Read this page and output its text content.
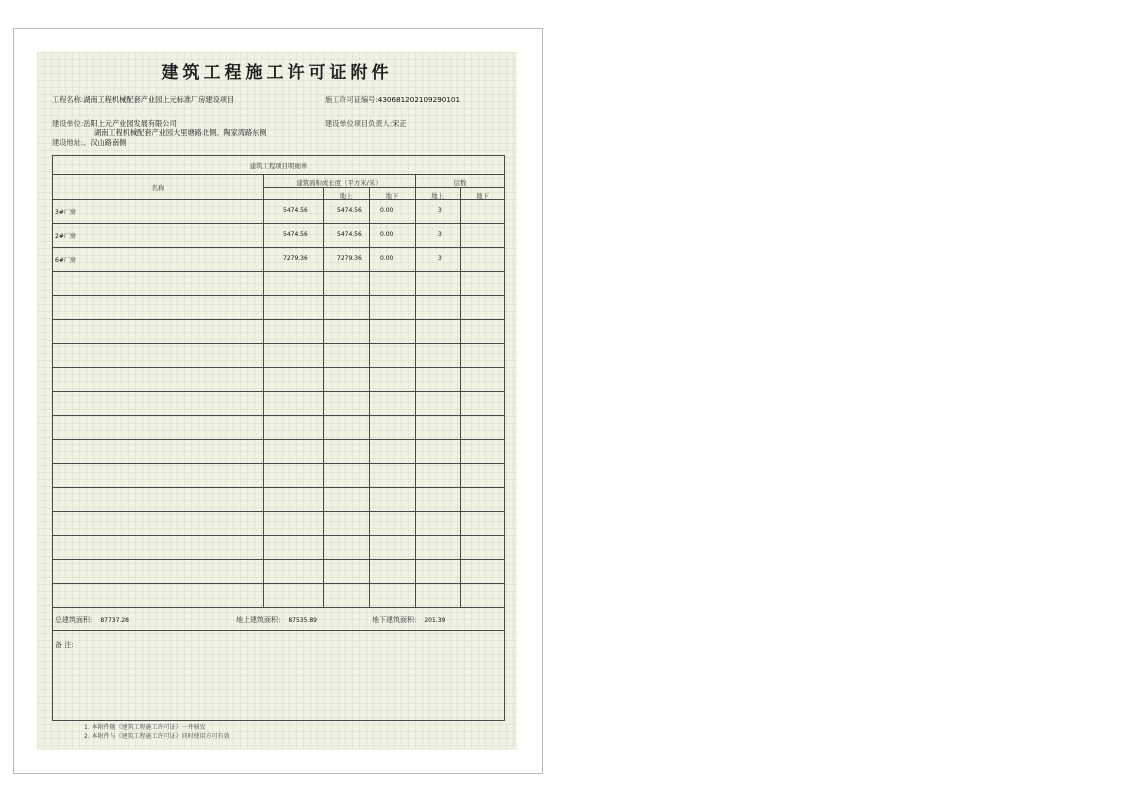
建筑工程施工许可证附件
工程名称:湖南工程机械配套产业园上元标准厂房建设项目	施工许可证编号:430681202109290101
建设单位:岳阳上元产业园发展有限公司	建设单位项目负责人:宋正
湖南工程机械配套产业园大里塘路北侧、陶家湾路东侧
建设地址:、汉山路南侧
建筑工程项目明细单
名称
建筑面积或长度（平方米/米）
地上	地下
层数
地上	地下
3#厂房	5474.56	5474.56	0.00	3
2#厂房	5474.56	5474.56	0.00	3
6#厂房	7279.36	7279.36	0.00	3
总建筑面积: 87737.28	地上建筑面积: 87535.89	地下建筑面积: 201.39
备 注:
1. 本附件随《建筑工程施工许可证》一并核发
2. 本附件与《建筑工程施工许可证》同时使用方可有效
